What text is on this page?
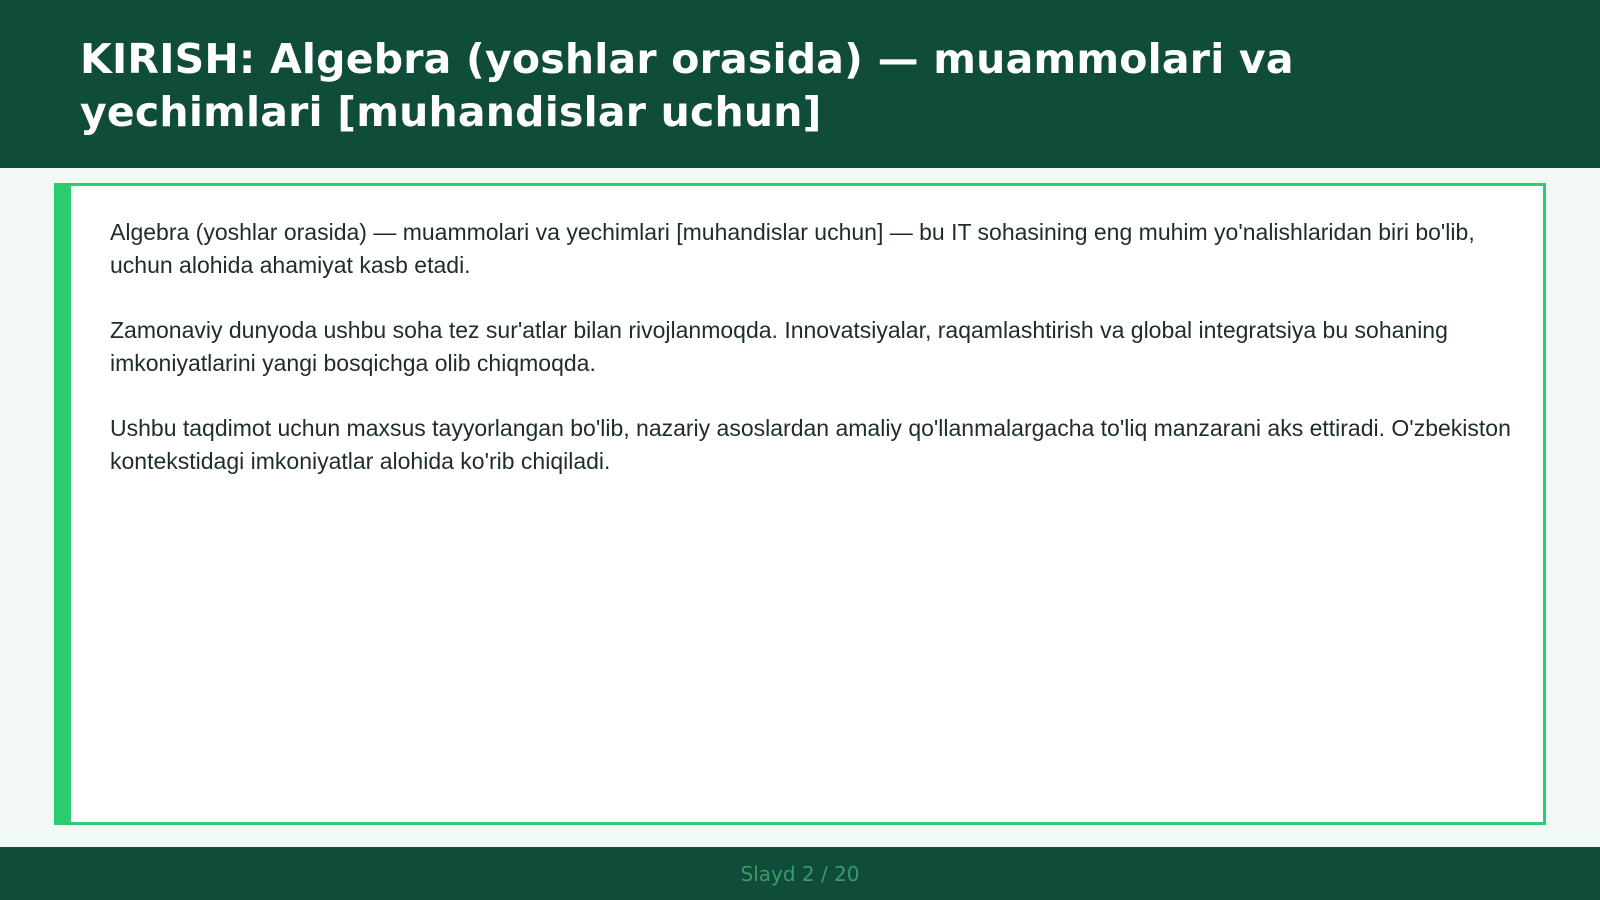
KIRISH: Algebra (yoshlar orasida) — muammolari va yechimlari [muhandislar uchun]

Algebra (yoshlar orasida) — muammolari va yechimlari [muhandislar uchun] — bu IT sohasining eng muhim yo'nalishlaridan biri bo'lib, uchun alohida ahamiyat kasb etadi.

Zamonaviy dunyoda ushbu soha tez sur'atlar bilan rivojlanmoqda. Innovatsiyalar, raqamlashtirish va global integratsiya bu sohaning imkoniyatlarini yangi bosqichga olib chiqmoqda.

Ushbu taqdimot uchun maxsus tayyorlangan bo'lib, nazariy asoslardan amaliy qo'llanmalargacha to'liq manzarani aks ettiradi. O'zbekiston kontekstidagi imkoniyatlar alohida ko'rib chiqiladi.

Slayd 2 / 20
